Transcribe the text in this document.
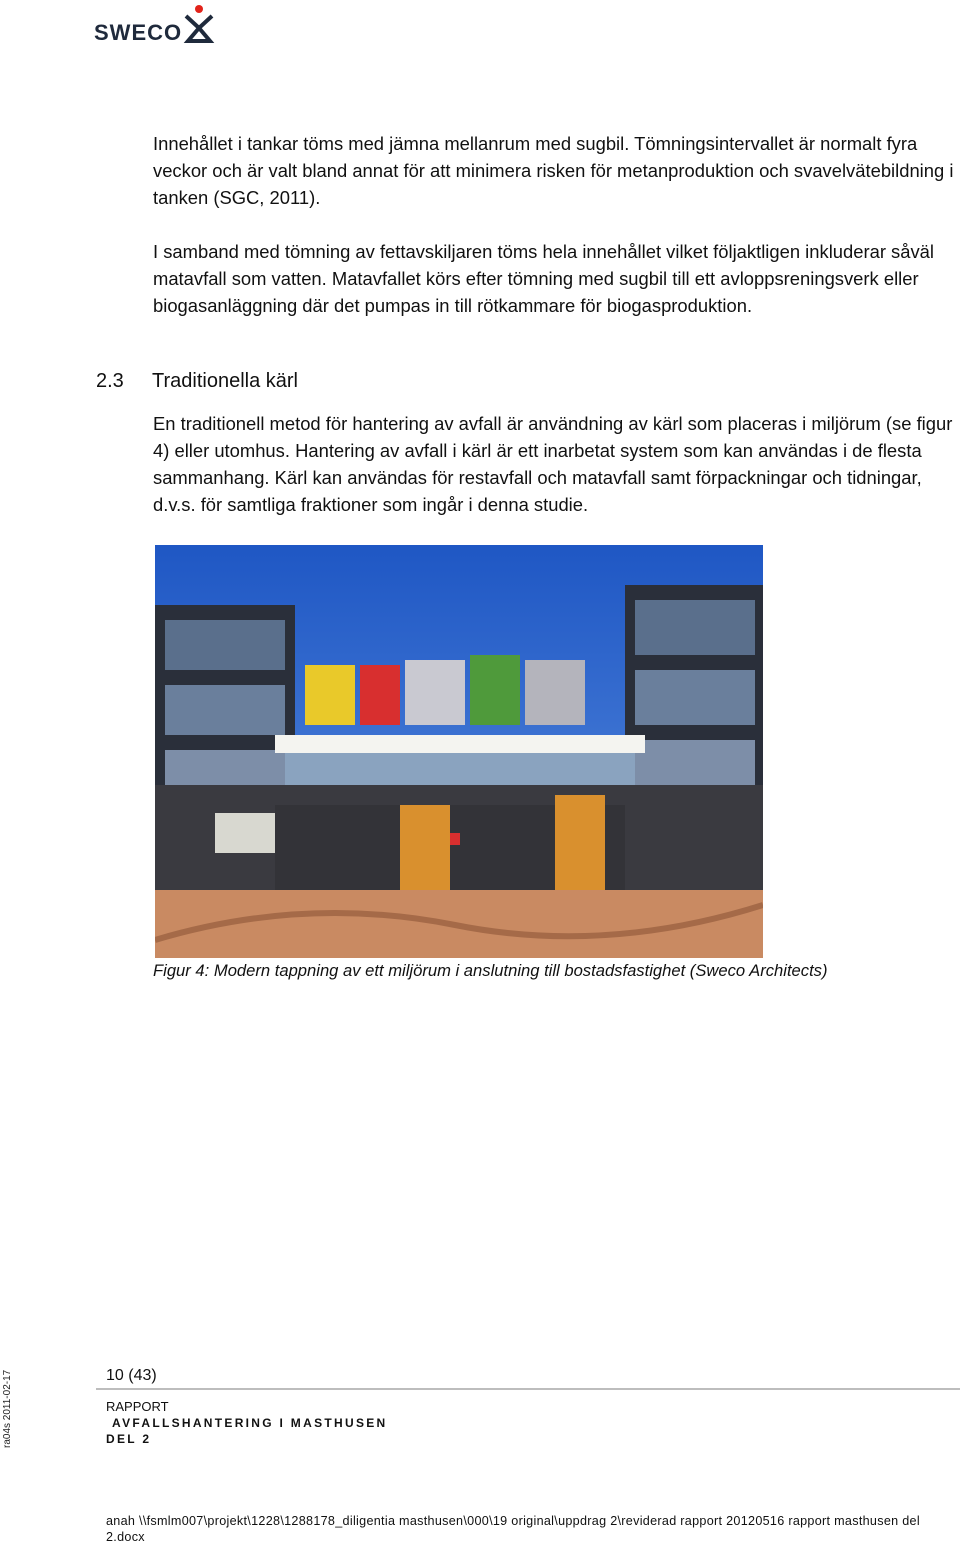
SWECO

Innehållet i tankar töms med jämna mellanrum med sugbil. Tömningsintervallet är normalt fyra veckor och är valt bland annat för att minimera risken för metanproduktion och svavelvätebildning i tanken (SGC, 2011).

I samband med tömning av fettavskiljaren töms hela innehållet vilket följaktligen inkluderar såväl matavfall som vatten. Matavfallet körs efter tömning med sugbil till ett avloppsreningsverk eller biogasanläggning där det pumpas in till rötkammare för biogasproduktion.

2.3 Traditionella kärl

En traditionell metod för hantering av avfall är användning av kärl som placeras i miljörum (se figur 4) eller utomhus. Hantering av avfall i kärl är ett inarbetat system som kan användas i de flesta sammanhang. Kärl kan användas för restavfall och matavfall samt förpackningar och tidningar, d.v.s. för samtliga fraktioner som ingår i denna studie.

Figur 4: Modern tappning av ett miljörum i anslutning till bostadsfastighet (Sweco Architects)
ra04s 2011-02-17	10 (43)
RAPPORT
AVFALLSHANTERING I MASTHUSEN
DEL 2
anah \\fsmlm007\projekt\1228\1288178_diligentia masthusen\000\19 original\uppdrag 2\reviderad rapport 20120516 rapport masthusen del 2.docx
